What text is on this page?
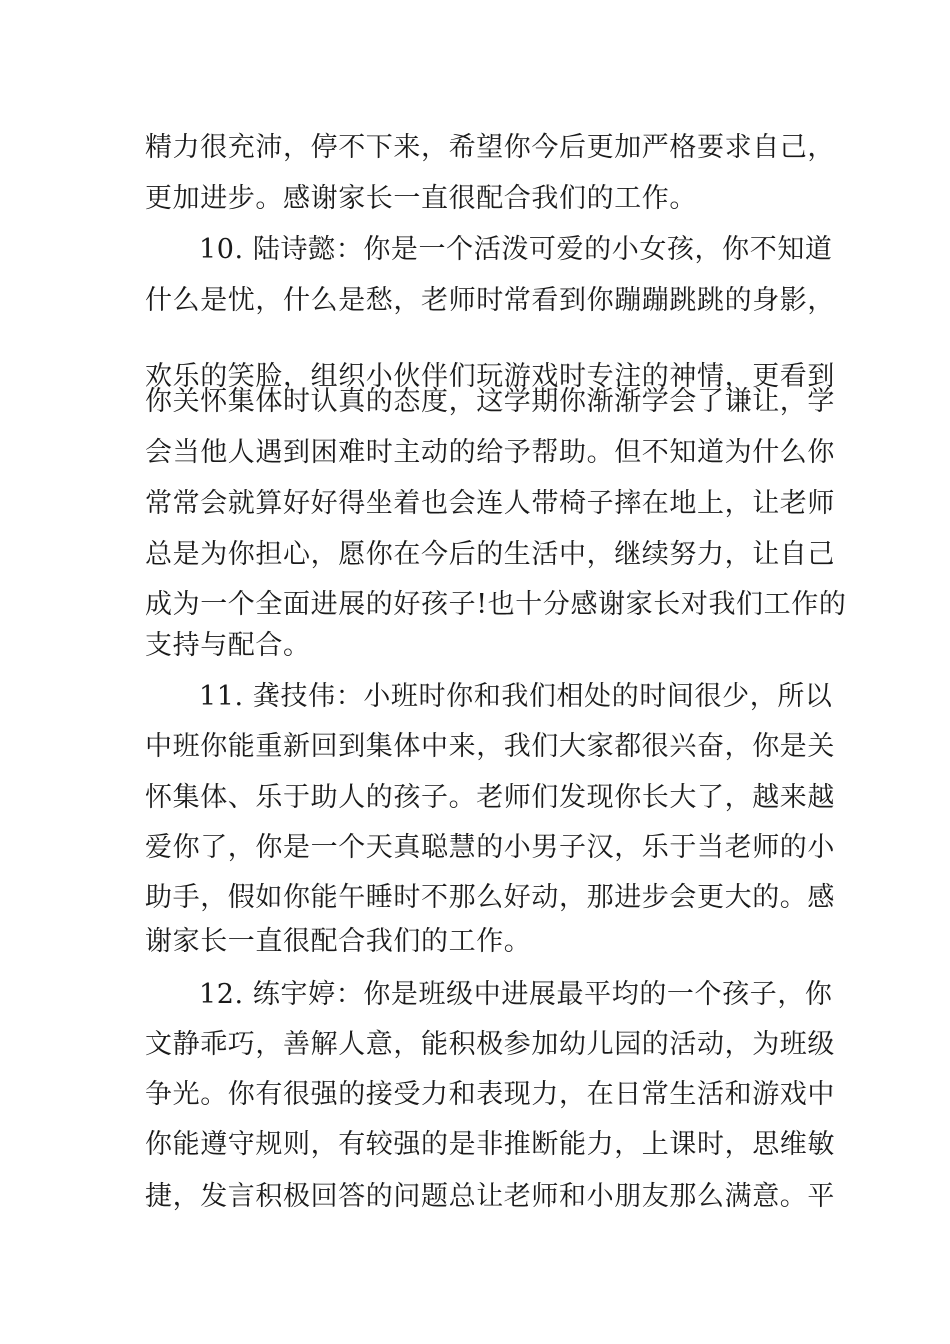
精力很充沛，停不下来，希望你今后更加严格要求自己，
更加进步。感谢家长一直很配合我们的工作。
10. 陆诗懿：你是一个活泼可爱的小女孩，你不知道
什么是忧，什么是愁，老师时常看到你蹦蹦跳跳的身影，
欢乐的笑脸，组织小伙伴们玩游戏时专注的神情，更看到
你关怀集体时认真的态度，这学期你渐渐学会了谦让，学
会当他人遇到困难时主动的给予帮助。但不知道为什么你
常常会就算好好得坐着也会连人带椅子摔在地上，让老师
总是为你担心，愿你在今后的生活中，继续努力，让自己
成为一个全面进展的好孩子!也十分感谢家长对我们工作的
支持与配合。
11. 龚技伟：小班时你和我们相处的时间很少，所以
中班你能重新回到集体中来，我们大家都很兴奋，你是关
怀集体、乐于助人的孩子。老师们发现你长大了，越来越
爱你了，你是一个天真聪慧的小男子汉，乐于当老师的小
助手，假如你能午睡时不那么好动，那进步会更大的。感
谢家长一直很配合我们的工作。
12. 练宇婷：你是班级中进展最平均的一个孩子，你
文静乖巧，善解人意，能积极参加幼儿园的活动，为班级
争光。你有很强的接受力和表现力，在日常生活和游戏中
你能遵守规则，有较强的是非推断能力，上课时，思维敏
捷，发言积极回答的问题总让老师和小朋友那么满意。平
